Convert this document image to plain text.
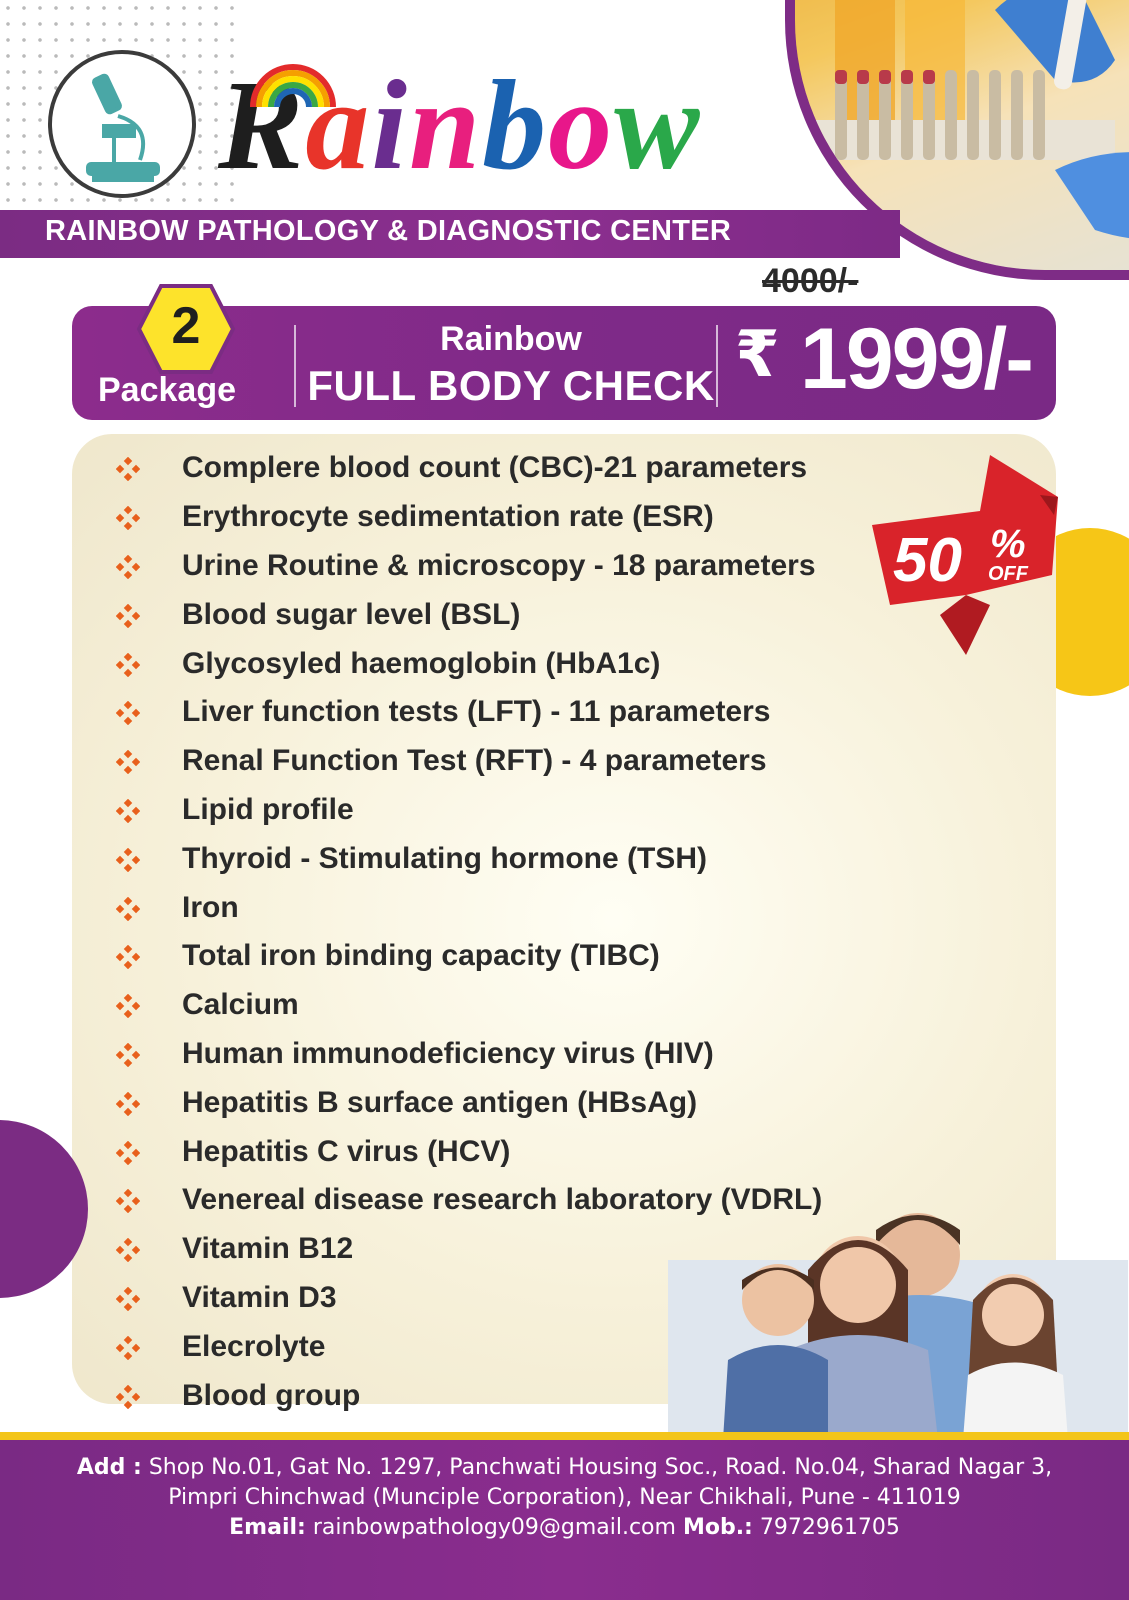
Rainbow
RAINBOW PATHOLOGY & DIAGNOSTIC CENTER
4000/-
2
Package
Rainbow
FULL BODY CHECK ₹ 1999/-
Complere blood count (CBC)-21 parameters
Erythrocyte sedimentation rate (ESR)
Urine Routine & microscopy - 18 parameters
Blood sugar level (BSL)
Glycosyled haemoglobin (HbA1c)
Liver function tests (LFT) - 11 parameters
Renal Function Test (RFT) - 4 parameters
Lipid profile
Thyroid - Stimulating hormone (TSH)
Iron
Total iron binding capacity (TIBC)
Calcium
Human immunodeficiency virus (HIV)
Hepatitis B surface antigen (HBsAg)
Hepatitis C virus (HCV)
Venereal disease research laboratory (VDRL)
Vitamin B12
Vitamin D3
Elecrolyte
Blood group
50 %
OFF
Add : Shop No.01, Gat No. 1297, Panchwati Housing Soc., Road. No.04, Sharad Nagar 3,
Pimpri Chinchwad (Munciple Corporation), Near Chikhali, Pune - 411019
Email: rainbowpathology09@gmail.com Mob.: 7972961705
